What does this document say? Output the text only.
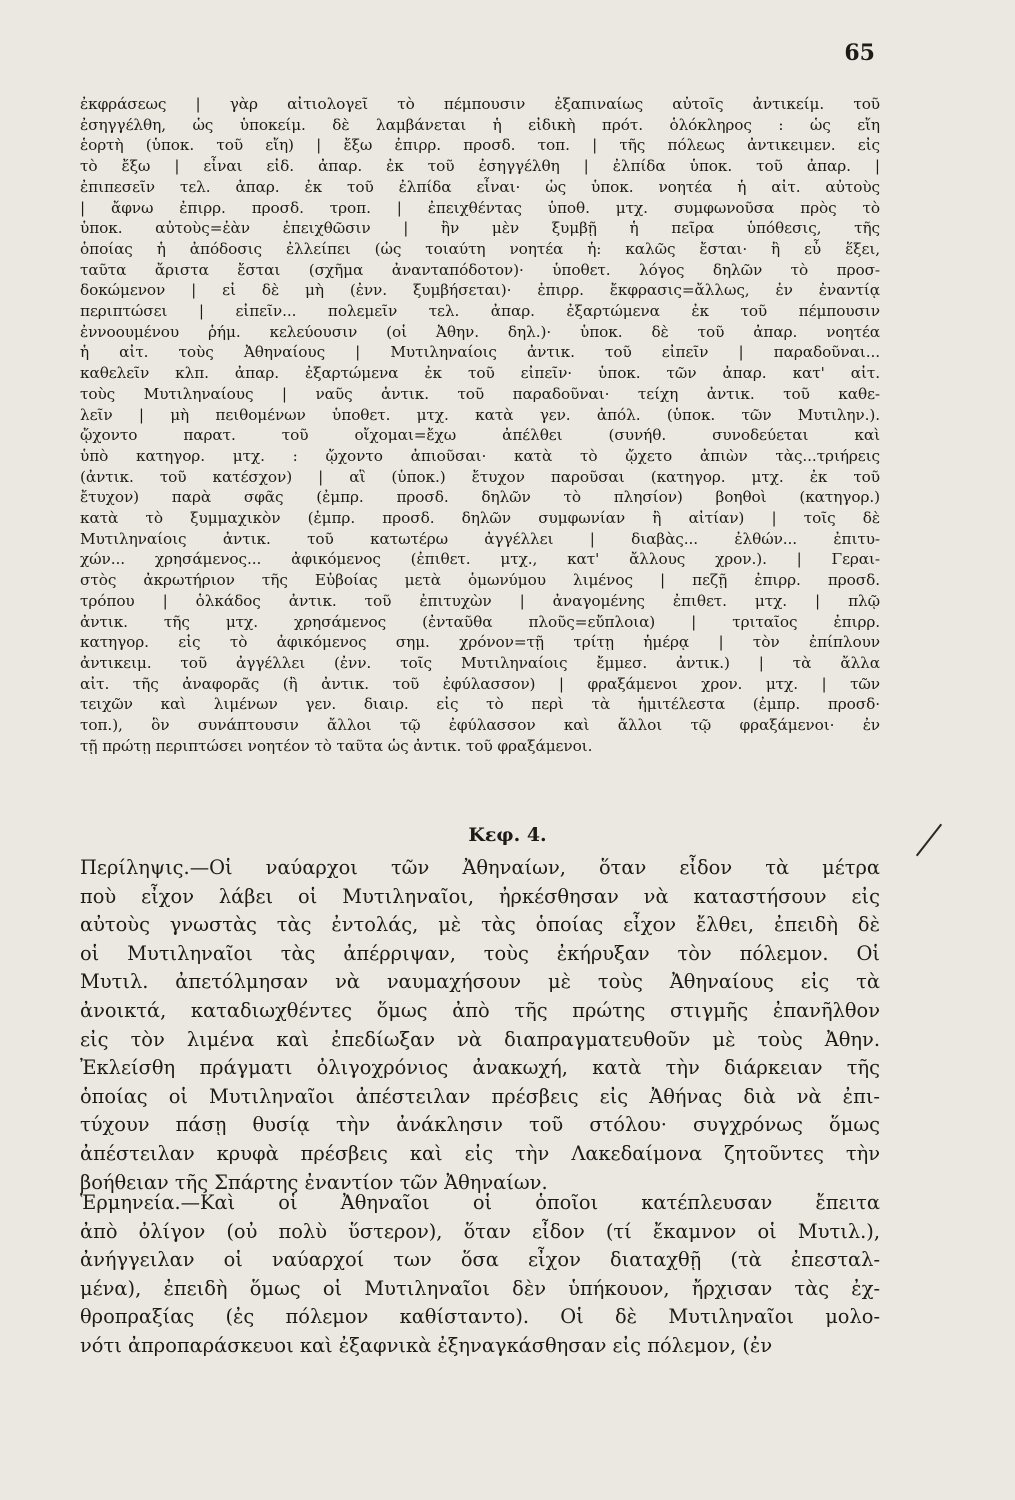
65
ἐκφράσεως | γὰρ αἰτιολογεῖ τὸ πέμπουσιν ἐξαπιναίως αὐτοῖς ἀντικείμ. τοῦ
ἐσηγγέλθη, ὡς ὑποκείμ. δὲ λαμβάνεται ἡ εἰδικὴ πρότ. ὁλόκληρος : ὡς εἴη
ἑορτὴ (ὑποκ. τοῦ εἴη) | ἔξω ἐπιρρ. προσδ. τοπ. | τῆς πόλεως ἀντικειμεν. εἰς
τὸ ἔξω | εἶναι εἰδ. ἀπαρ. ἐκ τοῦ ἐσηγγέλθη | ἐλπίδα ὑποκ. τοῦ ἀπαρ. |
ἐπιπεσεῖν τελ. ἀπαρ. ἐκ τοῦ ἐλπίδα εἶναι· ὡς ὑποκ. νοητέα ἡ αἰτ. αὐτοὺς
| ἄφνω ἐπιρρ. προσδ. τροπ. | ἐπειχθέντας ὑποθ. μτχ. συμφωνοῦσα πρὸς τὸ
ὑποκ. αὐτοὺς=ἐὰν ἐπειχθῶσιν | ἢν μὲν ξυμβῇ ἡ πεῖρα ὑπόθεσις, τῆς
ὁποίας ἡ ἀπόδοσις ἐλλείπει (ὡς τοιαύτη νοητέα ἡ: καλῶς ἔσται· ἢ εὖ ἕξει,
ταῦτα ἄριστα ἔσται (σχῆμα ἀνανταπόδοτον)· ὑποθετ. λόγος δηλῶν τὸ προσ-
δοκώμενον | εἰ δὲ μὴ (ἐνν. ξυμβήσεται)· ἐπιρρ. ἔκφρασις=ἄλλως, ἐν ἐναντίᾳ
περιπτώσει | εἰπεῖν... πολεμεῖν τελ. ἀπαρ. ἐξαρτώμενα ἐκ τοῦ πέμπουσιν
ἐννοουμένου ῥήμ. κελεύουσιν (οἱ Ἀθην. δηλ.)· ὑποκ. δὲ τοῦ ἀπαρ. νοητέα
ἡ αἰτ. τοὺς Ἀθηναίους | Μυτιληναίοις ἀντικ. τοῦ εἰπεῖν | παραδοῦναι...
καθελεῖν κλπ. ἀπαρ. ἐξαρτώμενα ἐκ τοῦ εἰπεῖν· ὑποκ. τῶν ἀπαρ. κατ' αἰτ.
τοὺς Μυτιληναίους | ναῦς ἀντικ. τοῦ παραδοῦναι· τείχη ἀντικ. τοῦ καθε-
λεῖν | μὴ πειθομένων ὑποθετ. μτχ. κατὰ γεν. ἀπόλ. (ὑποκ. τῶν Μυτιλην.).
ᾤχοντο παρατ. τοῦ οἴχομαι=ἔχω ἀπέλθει (συνήθ. συνοδεύεται καὶ
ὑπὸ κατηγορ. μτχ. : ᾤχοντο ἀπιοῦσαι· κατὰ τὸ ᾤχετο ἀπιὼν τὰς...τριήρεις
(ἀντικ. τοῦ κατέσχον) | αἳ (ὑποκ.) ἔτυχον παροῦσαι (κατηγορ. μτχ. ἐκ τοῦ
ἔτυχον) παρὰ σφᾶς (ἐμπρ. προσδ. δηλῶν τὸ πλησίον) βοηθοὶ (κατηγορ.)
κατὰ τὸ ξυμμαχικὸν (ἐμπρ. προσδ. δηλῶν συμφωνίαν ἢ αἰτίαν) | τοῖς δὲ
Μυτιληναίοις ἀντικ. τοῦ κατωτέρω ἀγγέλλει | διαβὰς... ἐλθών... ἐπιτυ-
χών... χρησάμενος... ἀφικόμενος (ἐπιθετ. μτχ., κατ' ἄλλους χρον.). | Γεραι-
στὸς ἀκρωτήριον τῆς Εὐβοίας μετὰ ὁμωνύμου λιμένος | πεζῇ ἐπιρρ. προσδ.
τρόπου | ὁλκάδος ἀντικ. τοῦ ἐπιτυχὼν | ἀναγομένης ἐπιθετ. μτχ. | πλῷ
ἀντικ. τῆς μτχ. χρησάμενος (ἐνταῦθα πλοῦς=εὔπλοια) | τριταῖος ἐπιρρ.
κατηγορ. εἰς τὸ ἀφικόμενος σημ. χρόνον=τῇ τρίτῃ ἡμέρᾳ | τὸν ἐπίπλουν
ἀντικειμ. τοῦ ἀγγέλλει (ἐνν. τοῖς Μυτιληναίοις ἔμμεσ. ἀντικ.) | τὰ ἄλλα
αἰτ. τῆς ἀναφορᾶς (ἢ ἀντικ. τοῦ ἐφύλασσον) | φραξάμενοι χρον. μτχ. | τῶν
τειχῶν καὶ λιμένων γεν. διαιρ. εἰς τὸ περὶ τὰ ἡμιτέλεστα (ἐμπρ. προσδ·
τοπ.), ὃν συνάπτουσιν ἄλλοι τῷ ἐφύλασσον καὶ ἄλλοι τῷ φραξάμενοι· ἐν
τῇ πρώτῃ περιπτώσει νοητέον τὸ ταῦτα ὡς ἀντικ. τοῦ φραξάμενοι.
Κεφ. 4.
Περίληψις.—Οἱ ναύαρχοι τῶν Ἀθηναίων, ὅταν εἶδον τὰ μέτρα
ποὺ εἶχον λάβει οἱ Μυτιληναῖοι, ἠρκέσθησαν νὰ καταστήσουν εἰς
αὐτοὺς γνωστὰς τὰς ἐντολάς, μὲ τὰς ὁποίας εἶχον ἔλθει, ἐπειδὴ δὲ
οἱ Μυτιληναῖοι τὰς ἀπέρριψαν, τοὺς ἐκήρυξαν τὸν πόλεμον. Οἱ
Μυτιλ. ἀπετόλμησαν νὰ ναυμαχήσουν μὲ τοὺς Ἀθηναίους εἰς τὰ
ἀνοικτά, καταδιωχθέντες ὅμως ἀπὸ τῆς πρώτης στιγμῆς ἐπανῆλθον
εἰς τὸν λιμένα καὶ ἐπεδίωξαν νὰ διαπραγματευθοῦν μὲ τοὺς Ἀθην.
Ἐκλείσθη πράγματι ὀλιγοχρόνιος ἀνακωχή, κατὰ τὴν διάρκειαν τῆς
ὁποίας οἱ Μυτιληναῖοι ἀπέστειλαν πρέσβεις εἰς Ἀθήνας διὰ νὰ ἐπι-
τύχουν πάσῃ θυσίᾳ τὴν ἀνάκλησιν τοῦ στόλου· συγχρόνως ὅμως
ἀπέστειλαν κρυφὰ πρέσβεις καὶ εἰς τὴν Λακεδαίμονα ζητοῦντες τὴν
βοήθειαν τῆς Σπάρτης ἐναντίον τῶν Ἀθηναίων.
Ἑρμηνεία.—Καὶ οἱ Ἀθηναῖοι οἱ ὁποῖοι κατέπλευσαν ἔπειτα
ἀπὸ ὀλίγον (οὐ πολὺ ὕστερον), ὅταν εἶδον (τί ἔκαμνον οἱ Μυτιλ.),
ἀνήγγειλαν οἱ ναύαρχοί των ὅσα εἶχον διαταχθῇ (τὰ ἐπεσταλ-
μένα), ἐπειδὴ ὅμως οἱ Μυτιληναῖοι δὲν ὑπήκουον, ἤρχισαν τὰς ἐχ-
θροπραξίας (ἐς πόλεμον καθίσταντο). Οἱ δὲ Μυτιληναῖοι μολο-
νότι ἀπροπαράσκευοι καὶ ἐξαφνικὰ ἐξηναγκάσθησαν εἰς πόλεμον, (ἐν
